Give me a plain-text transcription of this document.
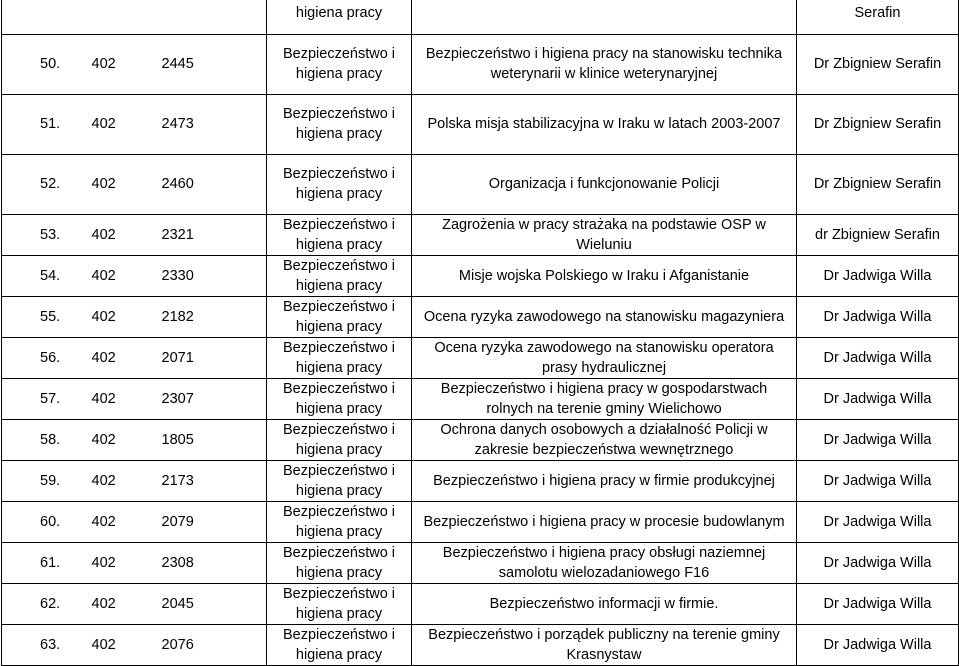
			higiena pracy		Serafin
50.	402	2445	Bezpieczeństwo i higiena pracy	Bezpieczeństwo i higiena pracy na stanowisku technika weterynarii w klinice weterynaryjnej	Dr Zbigniew Serafin
51.	402	2473	Bezpieczeństwo i higiena pracy	Polska misja stabilizacyjna w Iraku w latach 2003-2007	Dr Zbigniew Serafin
52.	402	2460	Bezpieczeństwo i higiena pracy	Organizacja i funkcjonowanie Policji	Dr Zbigniew Serafin
53.	402	2321	Bezpieczeństwo i higiena pracy	Zagrożenia w pracy strażaka na podstawie OSP w Wieluniu	dr Zbigniew Serafin
54.	402	2330	Bezpieczeństwo i higiena pracy	Misje wojska Polskiego w Iraku i Afganistanie	Dr Jadwiga Willa
55.	402	2182	Bezpieczeństwo i higiena pracy	Ocena ryzyka zawodowego na stanowisku magazyniera	Dr Jadwiga Willa
56.	402	2071	Bezpieczeństwo i higiena pracy	Ocena ryzyka zawodowego na stanowisku operatora prasy hydraulicznej	Dr Jadwiga Willa
57.	402	2307	Bezpieczeństwo i higiena pracy	Bezpieczeństwo i higiena pracy w gospodarstwach rolnych na terenie gminy Wielichowo	Dr Jadwiga Willa
58.	402	1805	Bezpieczeństwo i higiena pracy	Ochrona danych osobowych a działalność Policji w zakresie bezpieczeństwa wewnętrznego	Dr Jadwiga Willa
59.	402	2173	Bezpieczeństwo i higiena pracy	Bezpieczeństwo i higiena pracy w firmie produkcyjnej	Dr Jadwiga Willa
60.	402	2079	Bezpieczeństwo i higiena pracy	Bezpieczeństwo i higiena pracy w procesie budowlanym	Dr Jadwiga Willa
61.	402	2308	Bezpieczeństwo i higiena pracy	Bezpieczeństwo i higiena pracy obsługi naziemnej samolotu wielozadaniowego F16	Dr Jadwiga Willa
62.	402	2045	Bezpieczeństwo i higiena pracy	Bezpieczeństwo informacji w firmie.	Dr Jadwiga Willa
63.	402	2076	Bezpieczeństwo i higiena pracy	Bezpieczeństwo i porządek publiczny na terenie gminy Krasnystaw	Dr Jadwiga Willa
